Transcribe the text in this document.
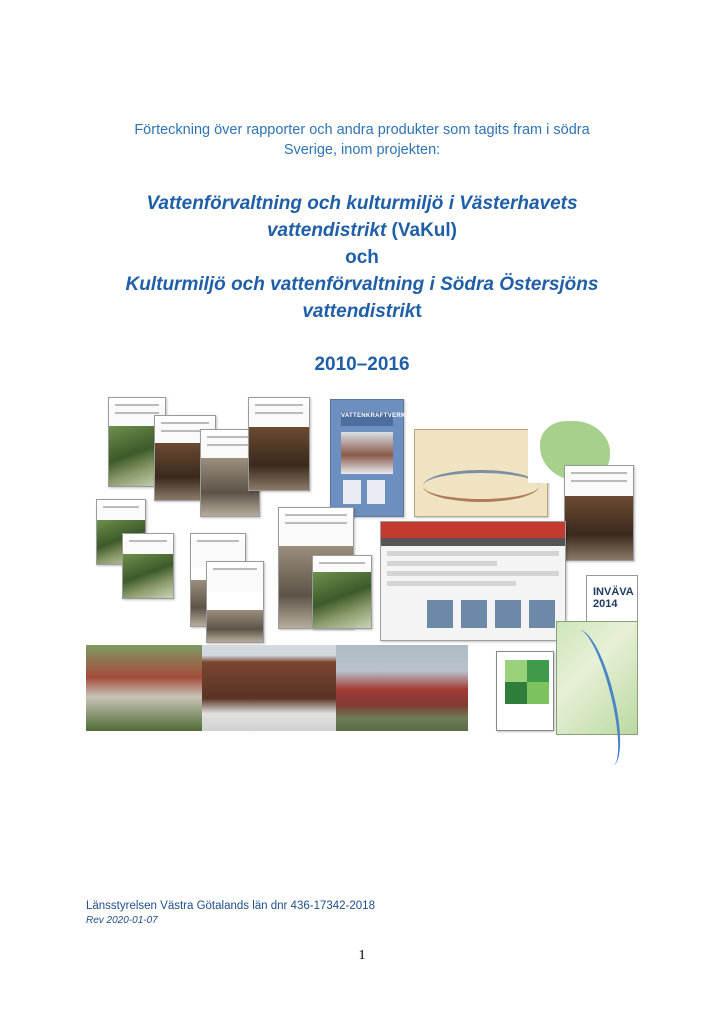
Förteckning över rapporter och andra produkter som tagits fram i södra
Sverige, inom projekten:
Vattenförvaltning och kulturmiljö i Västerhavets
vattendistrikt (VaKul)
och
Kulturmiljö och vattenförvaltning i Södra Östersjöns
vattendistrikt
2010–2016
VATTENKRAFTVERK
INVÄVA 2014
Länsstyrelsen Västra Götalands län dnr 436-17342-2018
Rev 2020-01-07
1
